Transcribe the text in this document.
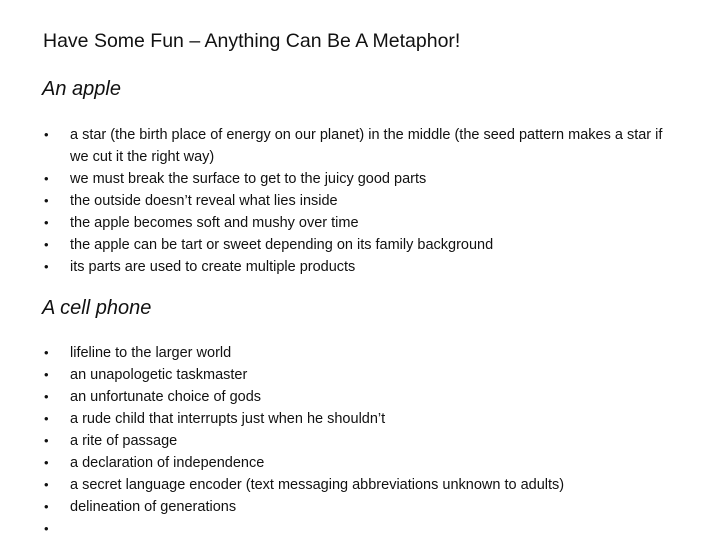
Have Some Fun – Anything Can Be A Metaphor!
An apple
•	a star (the birth place of energy on our planet) in the middle (the seed pattern makes a star if we cut it the right way)
•	we must break the surface to get to the juicy good parts
•	the outside doesn’t reveal what lies inside
•	the apple becomes soft and mushy over time
•	the apple can be tart or sweet depending on its family background
•	its parts are used to create multiple products
A cell phone
•	lifeline to the larger world
•	an unapologetic taskmaster
•	an unfortunate choice of gods
•	a rude child that interrupts just when he shouldn’t
•	a rite of passage
•	a declaration of independence
•	a secret language encoder (text messaging abbreviations unknown to adults)
•	delineation of generations
•
